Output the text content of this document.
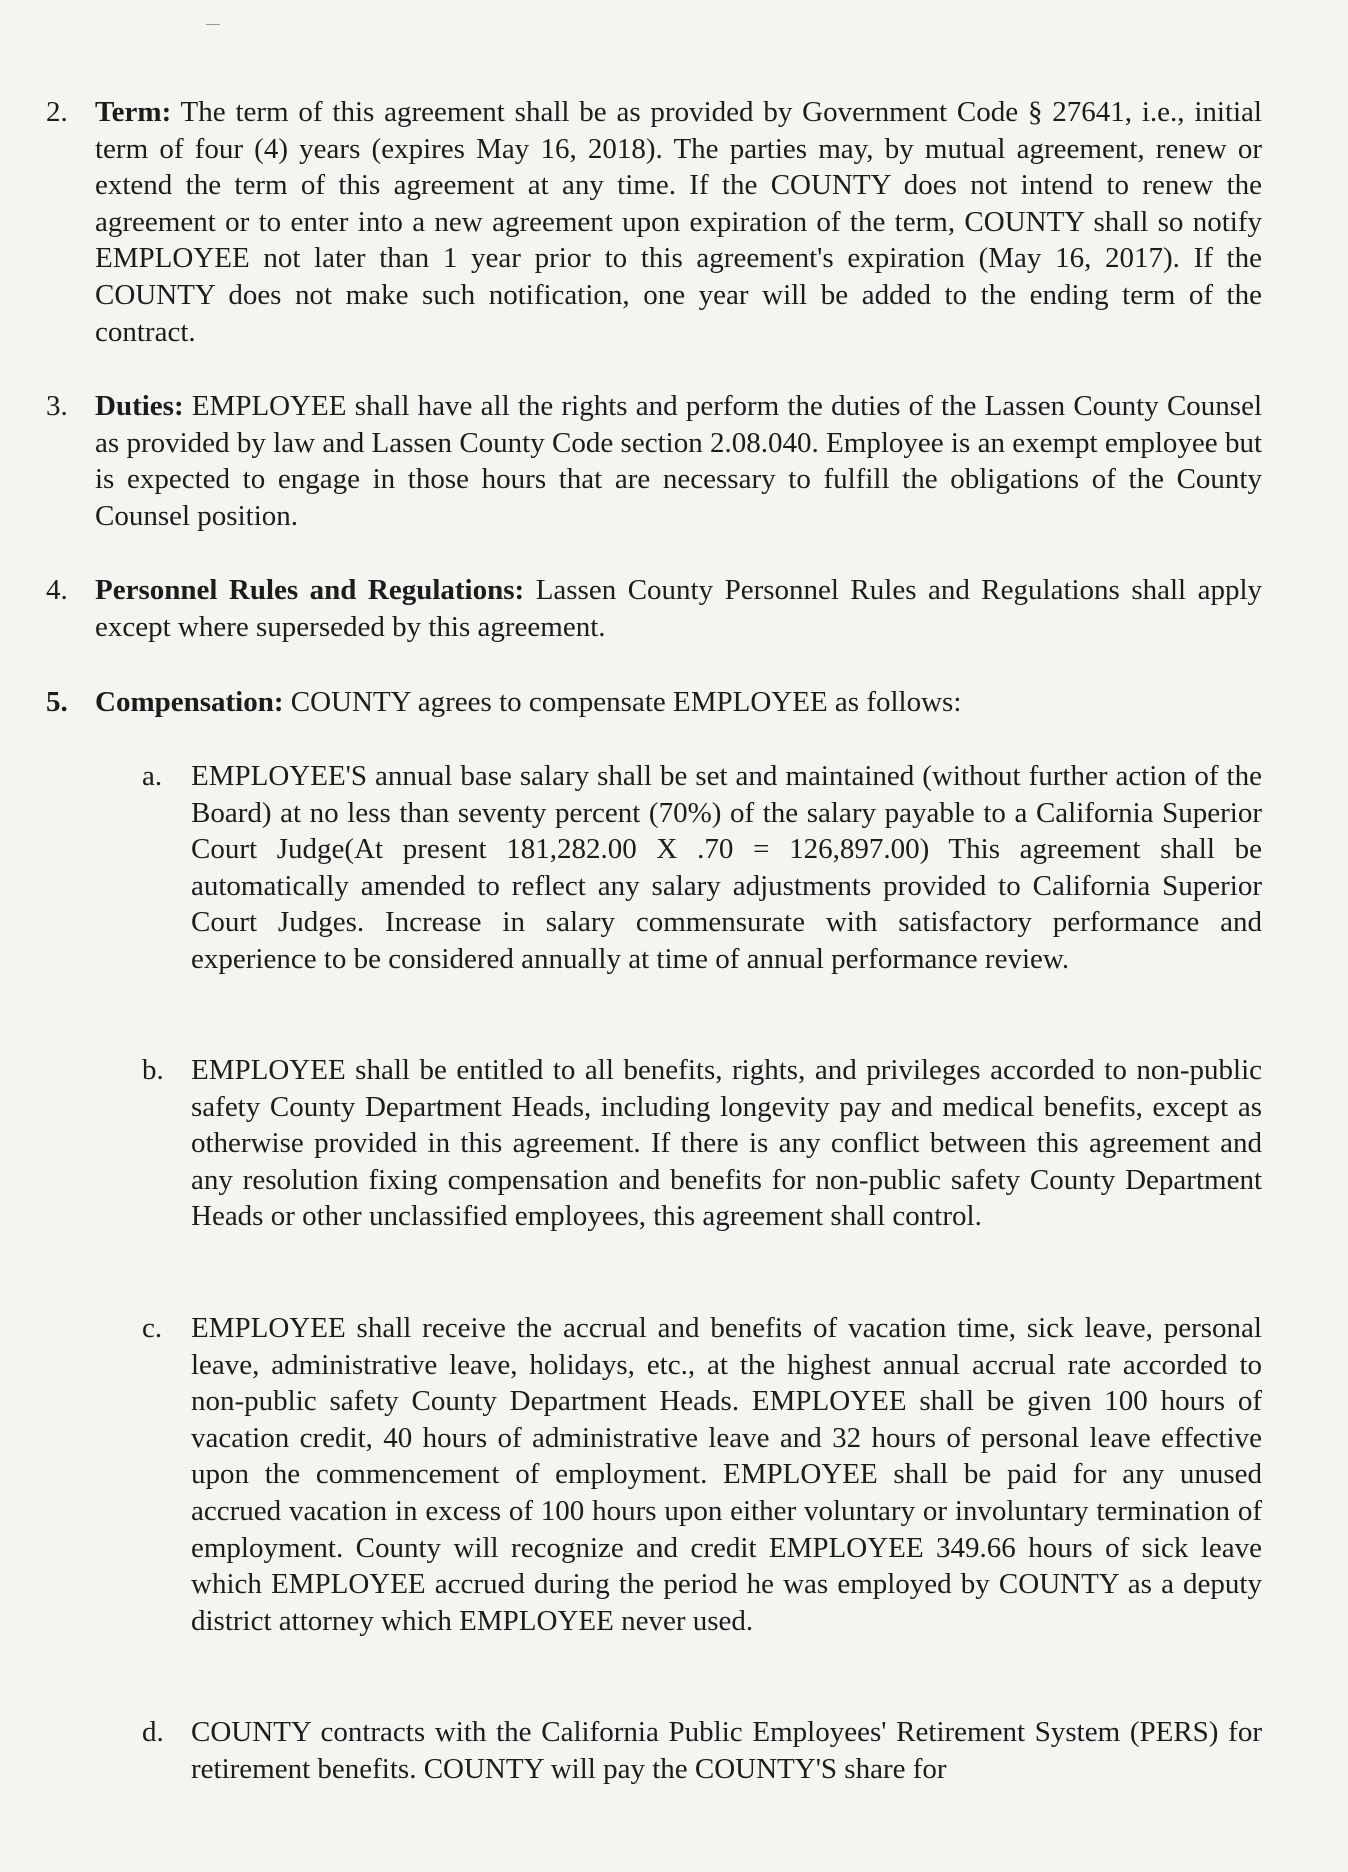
2. Term: The term of this agreement shall be as provided by Government Code § 27641, i.e., initial term of four (4) years (expires May 16, 2018). The parties may, by mutual agreement, renew or extend the term of this agreement at any time. If the COUNTY does not intend to renew the agreement or to enter into a new agreement upon expiration of the term, COUNTY shall so notify EMPLOYEE not later than 1 year prior to this agreement's expiration (May 16, 2017). If the COUNTY does not make such notification, one year will be added to the ending term of the contract.
3. Duties: EMPLOYEE shall have all the rights and perform the duties of the Lassen County Counsel as provided by law and Lassen County Code section 2.08.040. Employee is an exempt employee but is expected to engage in those hours that are necessary to fulfill the obligations of the County Counsel position.
4. Personnel Rules and Regulations: Lassen County Personnel Rules and Regulations shall apply except where superseded by this agreement.
5. Compensation: COUNTY agrees to compensate EMPLOYEE as follows:
a. EMPLOYEE'S annual base salary shall be set and maintained (without further action of the Board) at no less than seventy percent (70%) of the salary payable to a California Superior Court Judge(At present 181,282.00 X .70 = 126,897.00) This agreement shall be automatically amended to reflect any salary adjustments provided to California Superior Court Judges. Increase in salary commensurate with satisfactory performance and experience to be considered annually at time of annual performance review.
b. EMPLOYEE shall be entitled to all benefits, rights, and privileges accorded to non-public safety County Department Heads, including longevity pay and medical benefits, except as otherwise provided in this agreement. If there is any conflict between this agreement and any resolution fixing compensation and benefits for non-public safety County Department Heads or other unclassified employees, this agreement shall control.
c. EMPLOYEE shall receive the accrual and benefits of vacation time, sick leave, personal leave, administrative leave, holidays, etc., at the highest annual accrual rate accorded to non-public safety County Department Heads. EMPLOYEE shall be given 100 hours of vacation credit, 40 hours of administrative leave and 32 hours of personal leave effective upon the commencement of employment. EMPLOYEE shall be paid for any unused accrued vacation in excess of 100 hours upon either voluntary or involuntary termination of employment. County will recognize and credit EMPLOYEE 349.66 hours of sick leave which EMPLOYEE accrued during the period he was employed by COUNTY as a deputy district attorney which EMPLOYEE never used.
d. COUNTY contracts with the California Public Employees' Retirement System (PERS) for retirement benefits. COUNTY will pay the COUNTY'S share for
